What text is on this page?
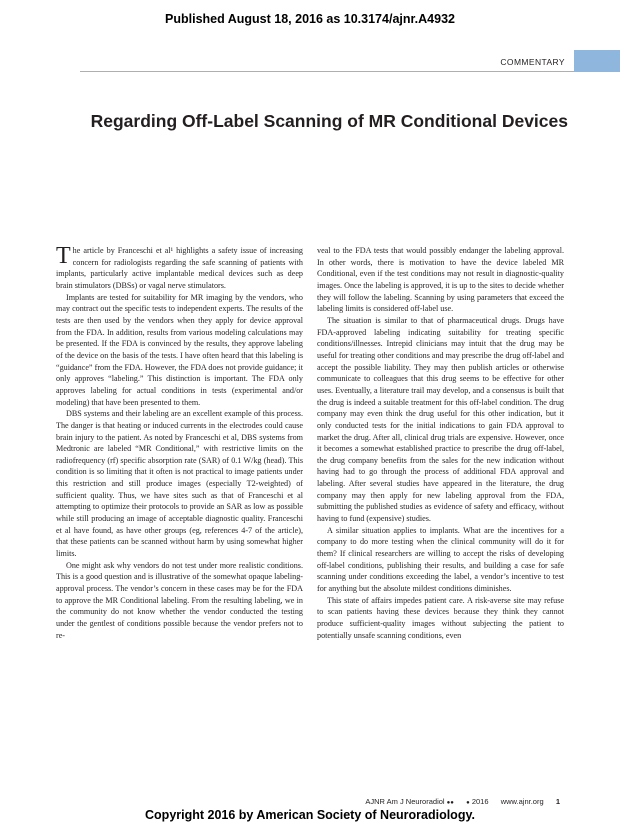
Published August 18, 2016 as 10.3174/ajnr.A4932
COMMENTARY
Regarding Off-Label Scanning of MR Conditional Devices

The article by Franceschi et al¹ highlights a safety issue of increasing concern for radiologists regarding the safe scanning of patients with implants, particularly active implantable medical devices such as deep brain stimulators (DBSs) or vagal nerve stimulators.

Implants are tested for suitability for MR imaging by the vendors, who may contract out the specific tests to independent experts. The results of the tests are then used by the vendors when they apply for device approval from the FDA. In addition, results from various modeling calculations may be presented. If the FDA is convinced by the results, they approve labeling of the device on the basis of the tests. I have often heard that this labeling is “guidance” from the FDA. However, the FDA does not provide guidance; it only approves “labeling.” This distinction is important. The FDA only approves labeling for actual conditions in tests (experimental and/or modeling) that have been presented to them.

DBS systems and their labeling are an excellent example of this process. The danger is that heating or induced currents in the electrodes could cause brain injury to the patient. As noted by Franceschi et al, DBS systems from Medtronic are labeled “MR Conditional,” with restrictive limits on the radiofrequency (rf) specific absorption rate (SAR) of 0.1 W/kg (head). This condition is so limiting that it often is not practical to image patients under this restriction and still produce images (especially T2-weighted) of sufficient quality. Thus, we have sites such as that of Franceschi et al attempting to optimize their protocols to provide an SAR as low as possible while still producing an image of acceptable diagnostic quality. Franceschi et al have found, as have other groups (eg, references 4-7 of the article), that these patients can be scanned without harm by using somewhat higher limits.

One might ask why vendors do not test under more realistic conditions. This is a good question and is illustrative of the somewhat opaque labeling-approval process. The vendor’s concern in these cases may be for the FDA to approve the MR Conditional labeling. From the resulting labeling, we in the community do not know whether the vendor conducted the testing under the gentlest of conditions possible because the vendor prefers not to re-

veal to the FDA tests that would possibly endanger the labeling approval. In other words, there is motivation to have the device labeled MR Conditional, even if the test conditions may not result in diagnostic-quality images. Once the labeling is approved, it is up to the sites to decide whether they will follow the labeling. Scanning by using parameters that exceed the labeling limits is considered off-label use.

The situation is similar to that of pharmaceutical drugs. Drugs have FDA-approved labeling indicating suitability for treating specific conditions/illnesses. Intrepid clinicians may intuit that the drug may be useful for treating other conditions and may prescribe the drug off-label and accept the possible liability. They may then publish articles or otherwise communicate to colleagues that this drug seems to be effective for other uses. Eventually, a literature trail may develop, and a consensus is built that the drug is indeed a suitable treatment for this off-label condition. The drug company may even think the drug useful for this other indication, but it only conducted tests for the initial indications to gain FDA approval to market the drug. After all, clinical drug trials are expensive. However, once it becomes a somewhat established practice to prescribe the drug off-label, the drug company benefits from the sales for the new indication without having had to go through the process of additional FDA approval and labeling. After several studies have appeared in the literature, the drug company may then apply for new labeling approval from the FDA, submitting the published studies as evidence of safety and efficacy, without having to fund (expensive) studies.

A similar situation applies to implants. What are the incentives for a company to do more testing when the clinical community will do it for them? If clinical researchers are willing to accept the risks of developing off-label conditions, publishing their results, and building a case for safe scanning under conditions exceeding the label, a vendor’s incentive to test for anything but the absolute mildest conditions diminishes.

This state of affairs impedes patient care. A risk-averse site may refuse to scan patients having these devices because they think they cannot produce sufficient-quality images without subjecting the patient to potentially unsafe scanning conditions, even

AJNR Am J Neuroradiol ●● ● 2016 www.ajnr.org 1
Copyright 2016 by American Society of Neuroradiology.
